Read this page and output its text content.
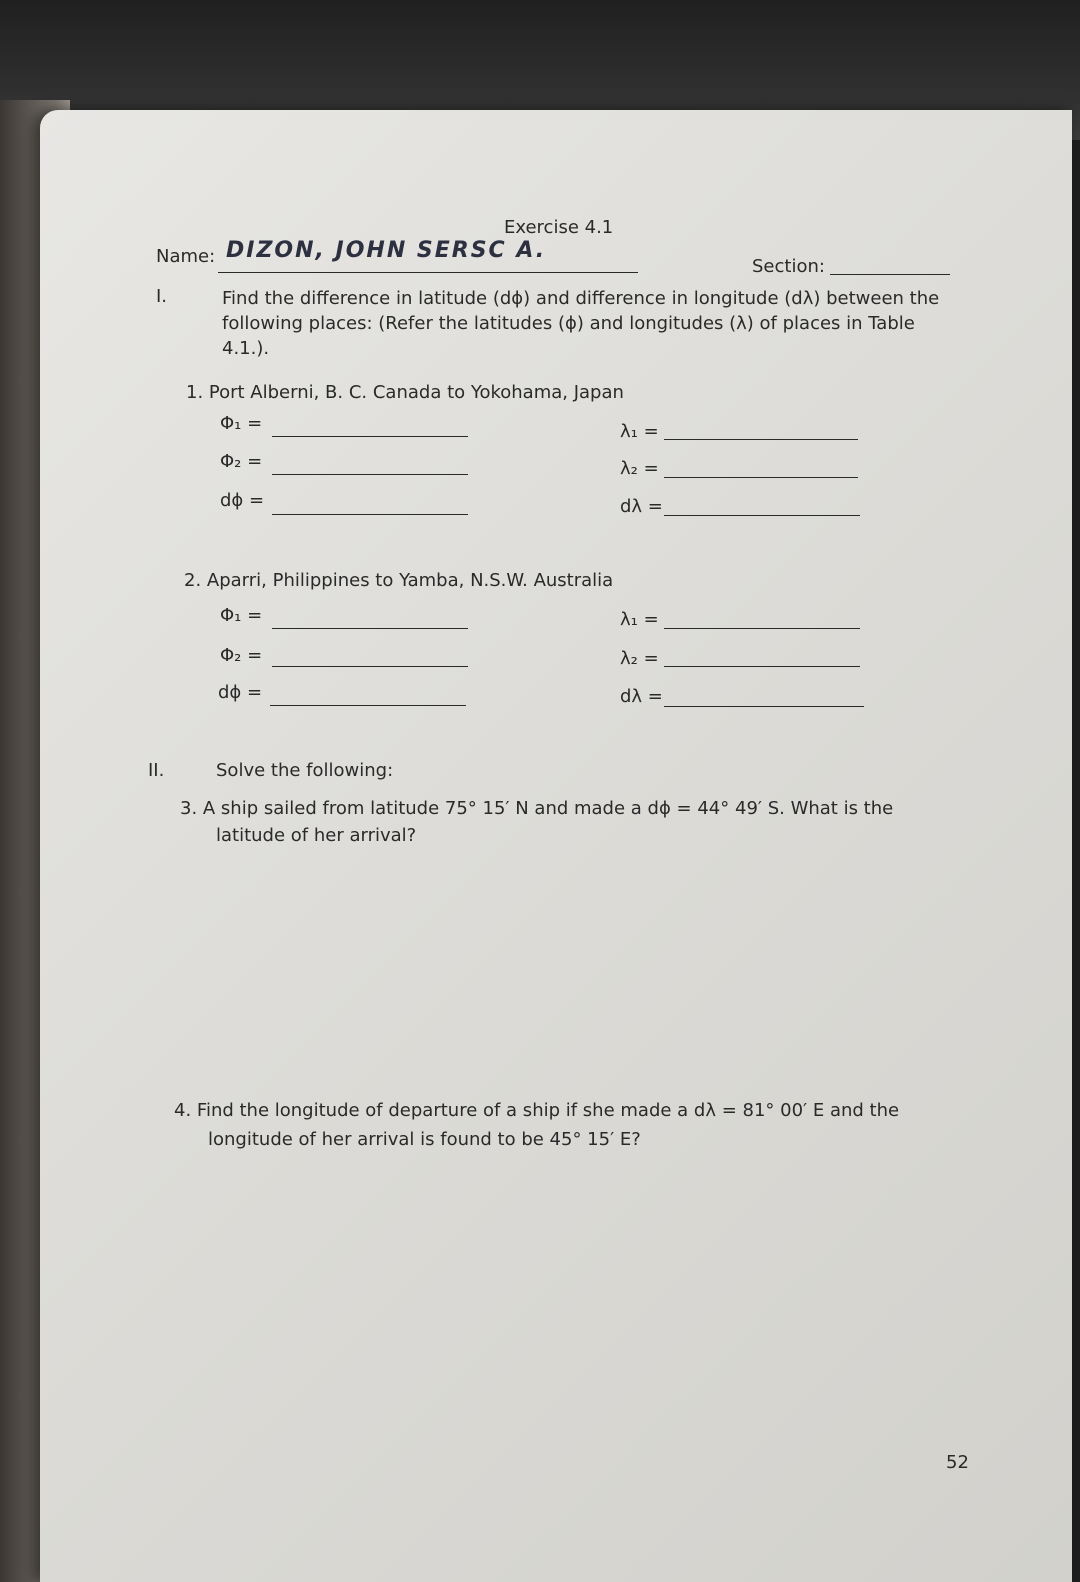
Exercise 4.1
Name: DIZON, JOHN SERSC A.
Section:
I.	Find the difference in latitude (dϕ) and difference in longitude (dλ) between the
following places: (Refer the latitudes (ϕ) and longitudes (λ) of places in Table
4.1.).
1. Port Alberni, B. C. Canada to Yokohama, Japan
Φ₁ =	λ₁ =
Φ₂ =	λ₂ =
dϕ =	dλ =
2. Aparri, Philippines to Yamba, N.S.W. Australia
Φ₁ =	λ₁ =
Φ₂ =	λ₂ =
dϕ =	dλ =
II.	Solve the following:
3. A ship sailed from latitude 75° 15′ N and made a dϕ = 44° 49′ S. What is the
latitude of her arrival?
4. Find the longitude of departure of a ship if she made a dλ = 81° 00′ E and the
longitude of her arrival is found to be 45° 15′ E?
52
